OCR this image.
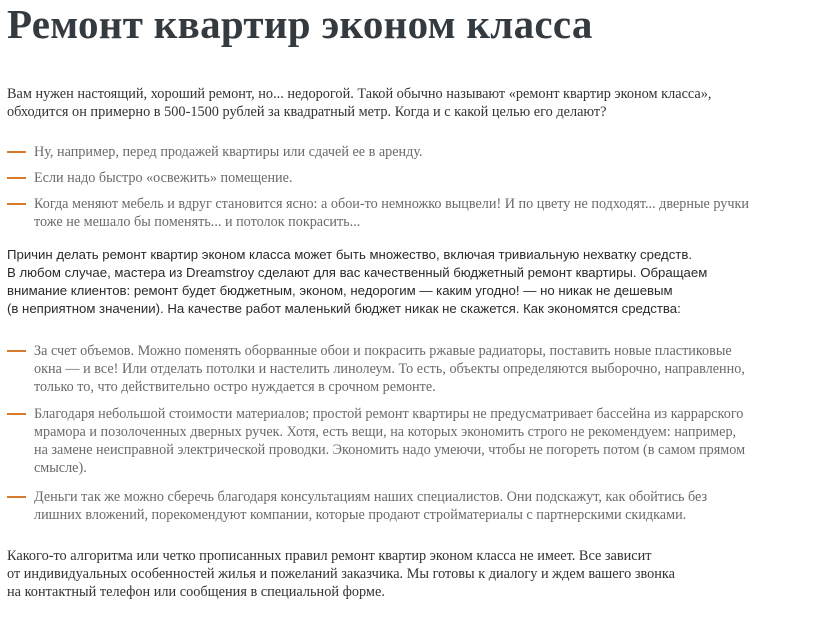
Ремонт квартир эконом класса
Вам нужен настоящий, хороший ремонт, но... недорогой. Такой обычно называют «ремонт квартир эконом класса»,
обходится он примерно в 500-1500 рублей за квадратный метр. Когда и с какой целью его делают?
Ну, например, перед продажей квартиры или сдачей ее в аренду.
Если надо быстро «освежить» помещение.
Когда меняют мебель и вдруг становится ясно: а обои-то немножко выцвели! И по цвету не подходят... дверные ручки
тоже не мешало бы поменять... и потолок покрасить...
Причин делать ремонт квартир эконом класса может быть множество, включая тривиальную нехватку средств.
В любом случае, мастера из Dreamstroy сделают для вас качественный бюджетный ремонт квартиры. Обращаем
внимание клиентов: ремонт будет бюджетным, эконом, недорогим — каким угодно! — но никак не дешевым
(в неприятном значении). На качестве работ маленький бюджет никак не скажется. Как экономятся средства:
За счет объемов. Можно поменять оборванные обои и покрасить ржавые радиаторы, поставить новые пластиковые
окна — и все! Или отделать потолки и настелить линолеум. То есть, объекты определяются выборочно, направленно,
только то, что действительно остро нуждается в срочном ремонте.
Благодаря небольшой стоимости материалов; простой ремонт квартиры не предусматривает бассейна из каррарского
мрамора и позолоченных дверных ручек. Хотя, есть вещи, на которых экономить строго не рекомендуем: например,
на замене неисправной электрической проводки. Экономить надо умеючи, чтобы не погореть потом (в самом прямом
смысле).
Деньги так же можно сберечь благодаря консультациям наших специалистов. Они подскажут, как обойтись без
лишних вложений, порекомендуют компании, которые продают стройматериалы с партнерскими скидками.
Какого-то алгоритма или четко прописанных правил ремонт квартир эконом класса не имеет. Все зависит
от индивидуальных особенностей жилья и пожеланий заказчика. Мы готовы к диалогу и ждем вашего звонка
на контактный телефон или сообщения в специальной форме.
